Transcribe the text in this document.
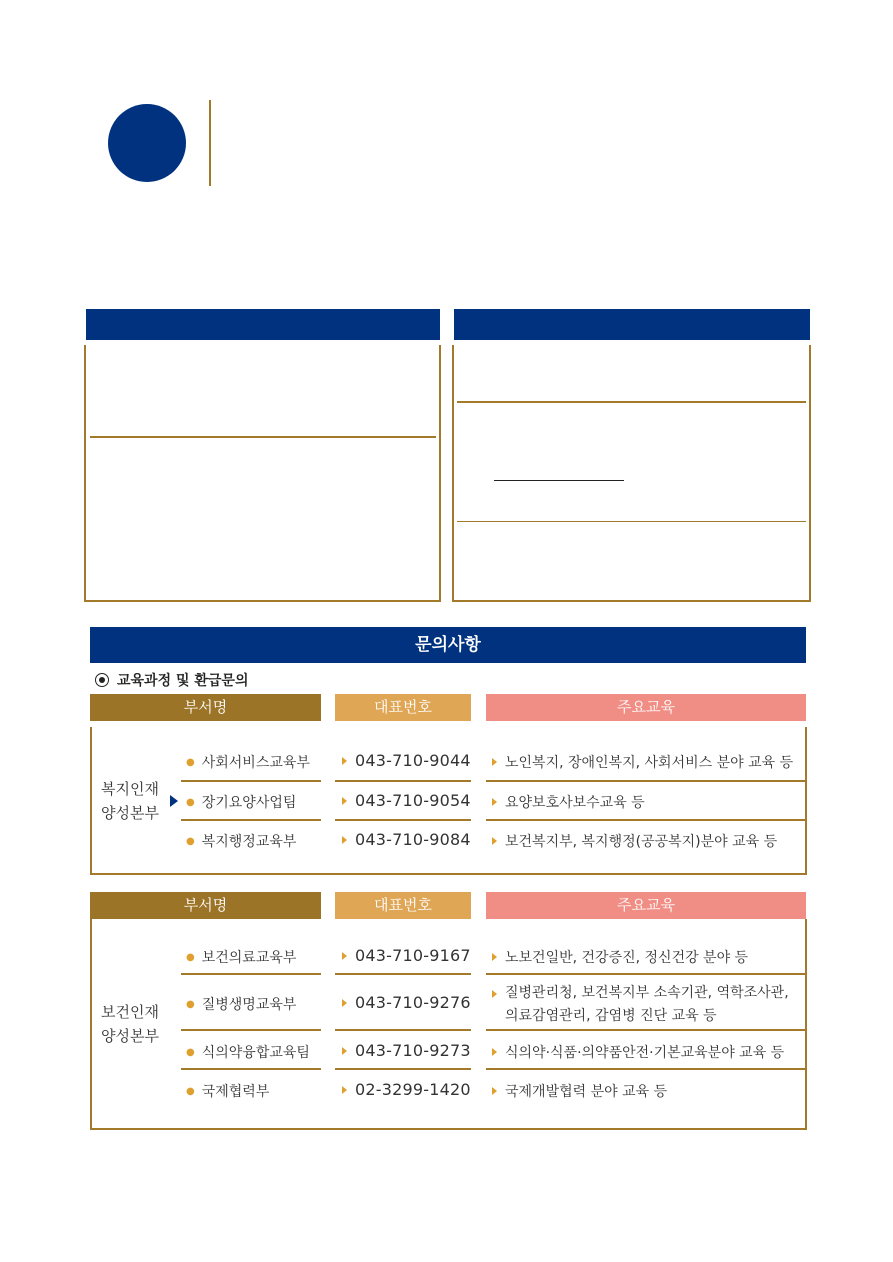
문의사항
교육과정 및 환급문의
부서명	대표번호	주요교육
복지인재
양성본부
● 사회서비스교육부	043-710-9044 노인복지, 장애인복지, 사회서비스 분야 교육 등
● 장기요양사업팀	043-710-9054 요양보호사보수교육 등
● 복지행정교육부	043-710-9084 보건복지부, 복지행정(공공복지)분야 교육 등
부서명	대표번호	주요교육
보건인재
양성본부
● 보건의료교육부	043-710-9167 노보건일반, 건강증진, 정신건강 분야 등
● 질병생명교육부	043-710-9276 질병관리청, 보건복지부 소속기관, 역학조사관, 의료감염관리, 감염병 진단 교육 등
● 식의약융합교육팀	043-710-9273 식의약·식품·의약품안전·기본교육분야 교육 등
● 국제협력부	02-3299-1420 국제개발협력 분야 교육 등
